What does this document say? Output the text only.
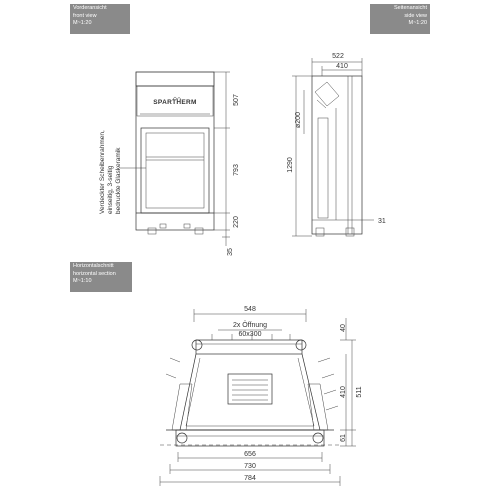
Vorderansicht
front view
M~1:20
Seitenansicht
side view
M~1:20
Horizontalschnitt
horizontal section
M~1:10
SPARTHERM	507
793
220
35
Verdeckter Scheibenrahmen, einseitig, 3-seitig bedruckte Glaskeramik
522
410
ø200
1290
31
548
2x Öffnung
60x300
40
410 511
61
656
730
784
